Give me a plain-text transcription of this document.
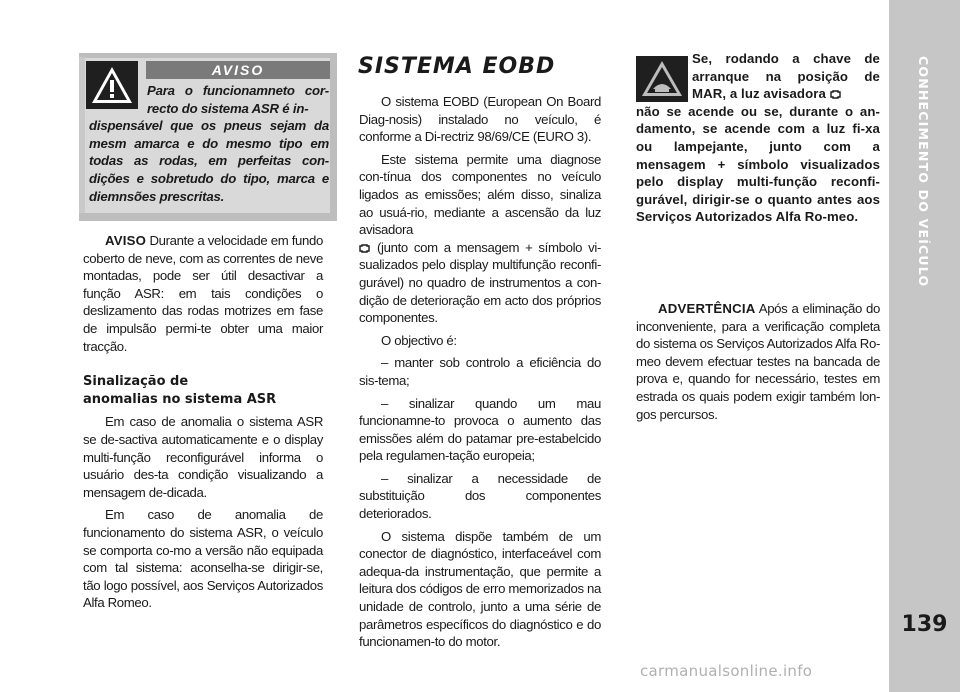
AVISO
Para o funcionamneto cor-recto do sistema ASR é in-
dispensável que os pneus sejam da mesm amarca e do mesmo tipo em todas as rodas, em perfeitas con-dições e sobretudo do tipo, marca e diemnsões prescritas.

AVISO Durante a velocidade em fundo coberto de neve, com as correntes de neve montadas, pode ser útil desactivar a função ASR: em tais condições o deslizamento das rodas motrizes em fase de impulsão permi-te obter uma maior tracção.

Sinalização de
anomalias no sistema ASR

Em caso de anomalia o sistema ASR se de-sactiva automaticamente e o display multi-função reconfigurável informa o usuário des-ta condição visualizando a mensagem de-dicada.

Em caso de anomalia de funcionamento do sistema ASR, o veículo se comporta co-mo a versão não equipada com tal sistema: aconselha-se dirigir-se, tão logo possível, aos Serviços Autorizados Alfa Romeo.

SISTEMA EOBD

O sistema EOBD (European On Board Diag-nosis) instalado no veículo, é conforme a Di-rectriz 98/69/CE (EURO 3).

Este sistema permite uma diagnose con-tínua dos componentes no veículo ligados as emissões; além disso, sinaliza ao usuá-rio, mediante a ascensão da luz avisadora
(junto com a mensagem + símbolo vi-sualizados pelo display multifunção reconfi-gurável) no quadro de instrumentos a con-dição de deterioração em acto dos próprios componentes.

O objectivo é:

– manter sob controlo a eficiência do sis-tema;

– sinalizar quando um mau funcionamne-to provoca o aumento das emissões além do patamar pre-estabelcido pela regulamen-tação europeia;

– sinalizar a necessidade de substituição dos componentes deteriorados.

O sistema dispõe também de um conector de diagnóstico, interfaceável com adequa-da instrumentação, que permite a leitura dos códigos de erro memorizados na unidade de controlo, junto a uma série de parâmetros específicos do diagnóstico e do funcionamen-to do motor.

Se, rodando a chave de arranque na posição de MAR, a luz avisadora
não se acende ou se, durante o an-damento, se acende com a luz fi-xa ou lampejante, junto com a mensagem + símbolo visualizados pelo display multi-função reconfi-gurável, dirigir-se o quanto antes aos Serviços Autorizados Alfa Ro-meo.

ADVERTÊNCIA Após a eliminação do inconveniente, para a verificação completa do sistema os Serviços Autorizados Alfa Ro-meo devem efectuar testes na bancada de prova e, quando for necessário, testes em estrada os quais podem exigir também lon-gos percursos.

CONHECIMENTO DO VEÍCULO
139
carmanualsonline.info
